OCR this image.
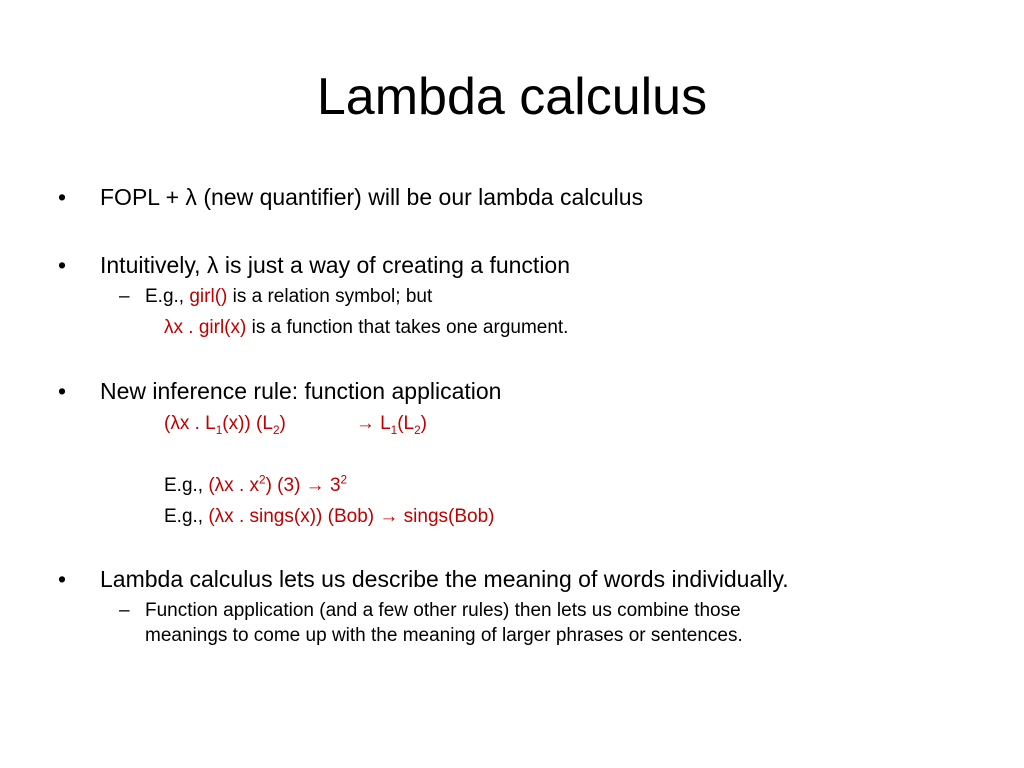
Lambda calculus
• FOPL + λ (new quantifier) will be our lambda calculus
• Intuitively, λ is just a way of creating a function
– E.g., girl() is a relation symbol; but
λx . girl(x) is a function that takes one argument.
• New inference rule: function application
(λx . $L_1(x)$) $(L_2)$	→ $L_1(L_2)$
E.g., (λx . $x^2$) $(3) \to 3^2$
E.g., (λx . sings(x)) (Bob) → sings(Bob)
• Lambda calculus lets us describe the meaning of words individually.
– Function application (and a few other rules) then lets us combine those
meanings to come up with the meaning of larger phrases or sentences.
